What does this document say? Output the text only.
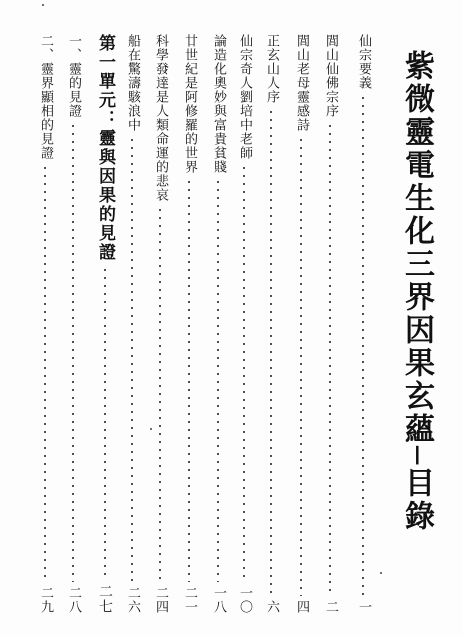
紫微靈電生化三界因果玄蘊─目錄
仙宗要義
一
閭山仙佛宗序
二
閭山老母靈感詩
四
正玄山人序
六
仙宗奇人劉培中老師
一〇
論造化奧妙與富貴貧賤
一八
廿世紀是阿修羅的世界
二一
科學發達是人類命運的悲哀
二四
船在驚濤駭浪中
二六
第一單元：靈與因果的見證
二七
一、靈的見證
二八
二、靈界顯相的見證
二九
